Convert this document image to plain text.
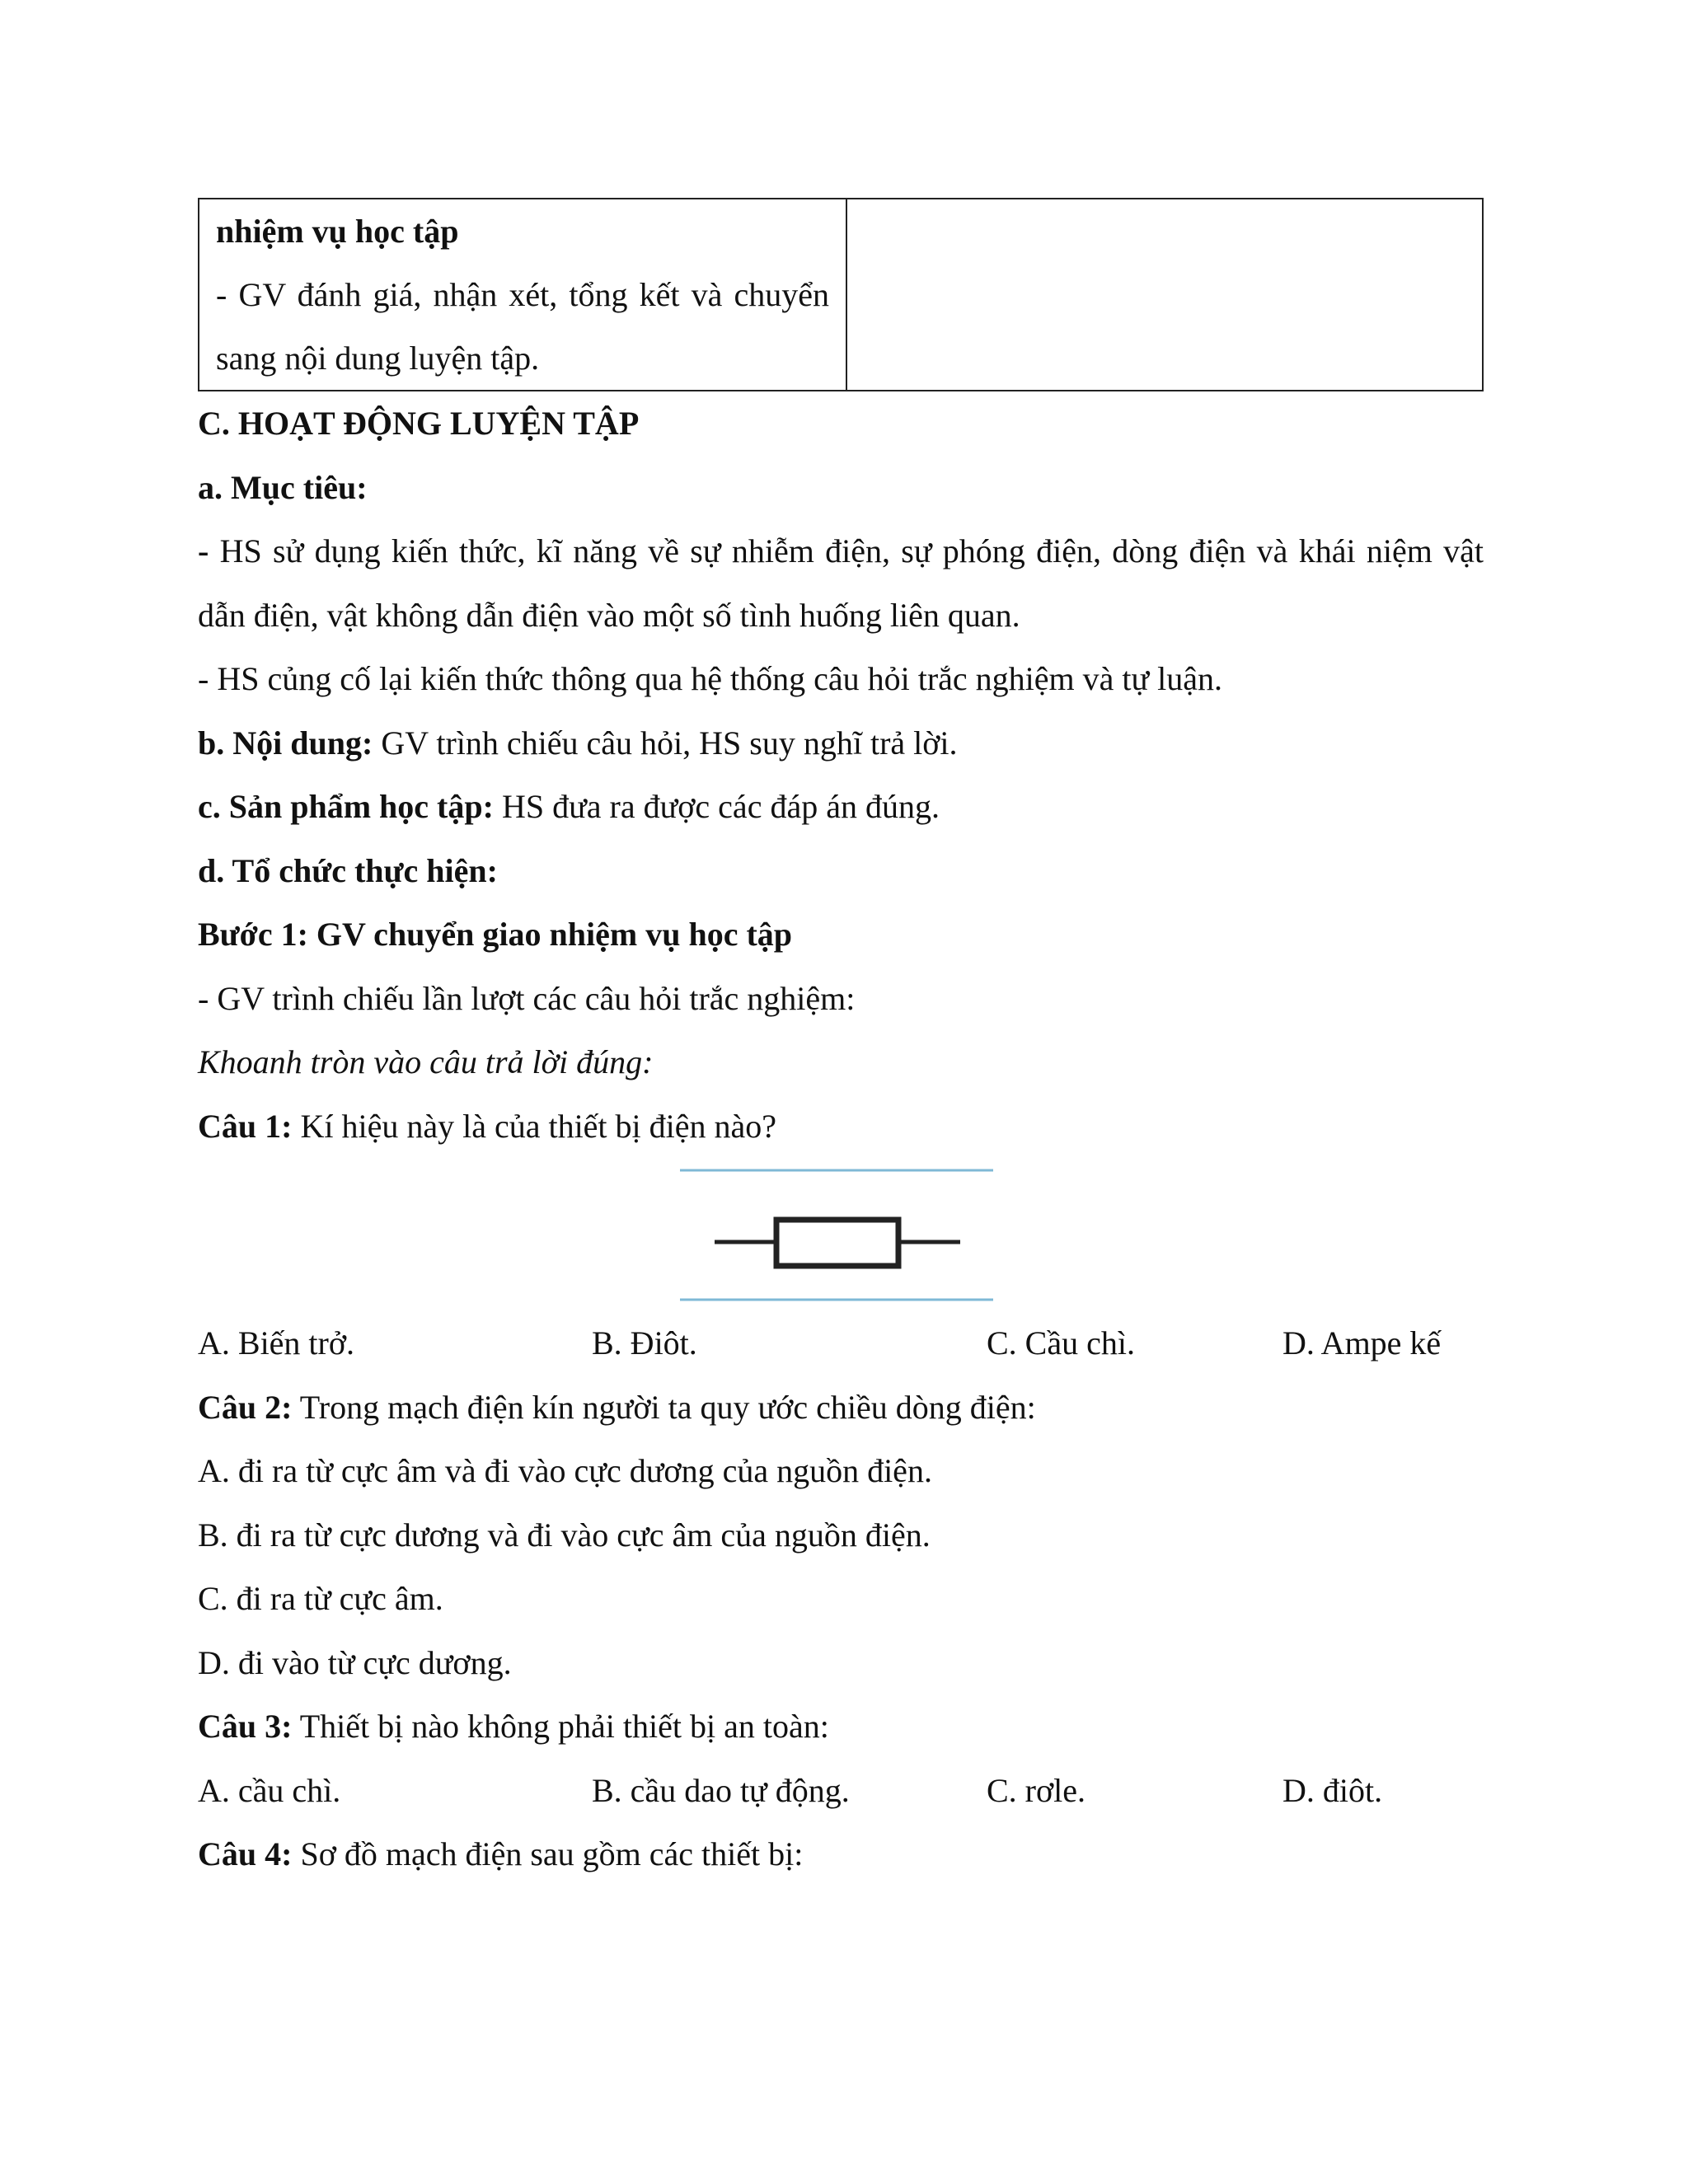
nhiệm vụ học tập
- GV đánh giá, nhận xét, tổng kết và chuyển sang nội dung luyện tập.

C. HOẠT ĐỘNG LUYỆN TẬP
a. Mục tiêu:
- HS sử dụng kiến thức, kĩ năng về sự nhiễm điện, sự phóng điện, dòng điện và khái niệm vật dẫn điện, vật không dẫn điện vào một số tình huống liên quan.
- HS củng cố lại kiến thức thông qua hệ thống câu hỏi trắc nghiệm và tự luận.
b. Nội dung: GV trình chiếu câu hỏi, HS suy nghĩ trả lời.
c. Sản phẩm học tập: HS đưa ra được các đáp án đúng.
d. Tổ chức thực hiện:
Bước 1: GV chuyển giao nhiệm vụ học tập
- GV trình chiếu lần lượt các câu hỏi trắc nghiệm:
Khoanh tròn vào câu trả lời đúng:
Câu 1: Kí hiệu này là của thiết bị điện nào?
A. Biến trở.	B. Điôt.	C. Cầu chì.	D. Ampe kế
Câu 2: Trong mạch điện kín người ta quy ước chiều dòng điện:
A. đi ra từ cực âm và đi vào cực dương của nguồn điện.
B. đi ra từ cực dương và đi vào cực âm của nguồn điện.
C. đi ra từ cực âm.
D. đi vào từ cực dương.
Câu 3: Thiết bị nào không phải thiết bị an toàn:
A. cầu chì.	B. cầu dao tự động.	C. rơle.	D. điôt.
Câu 4: Sơ đồ mạch điện sau gồm các thiết bị:
